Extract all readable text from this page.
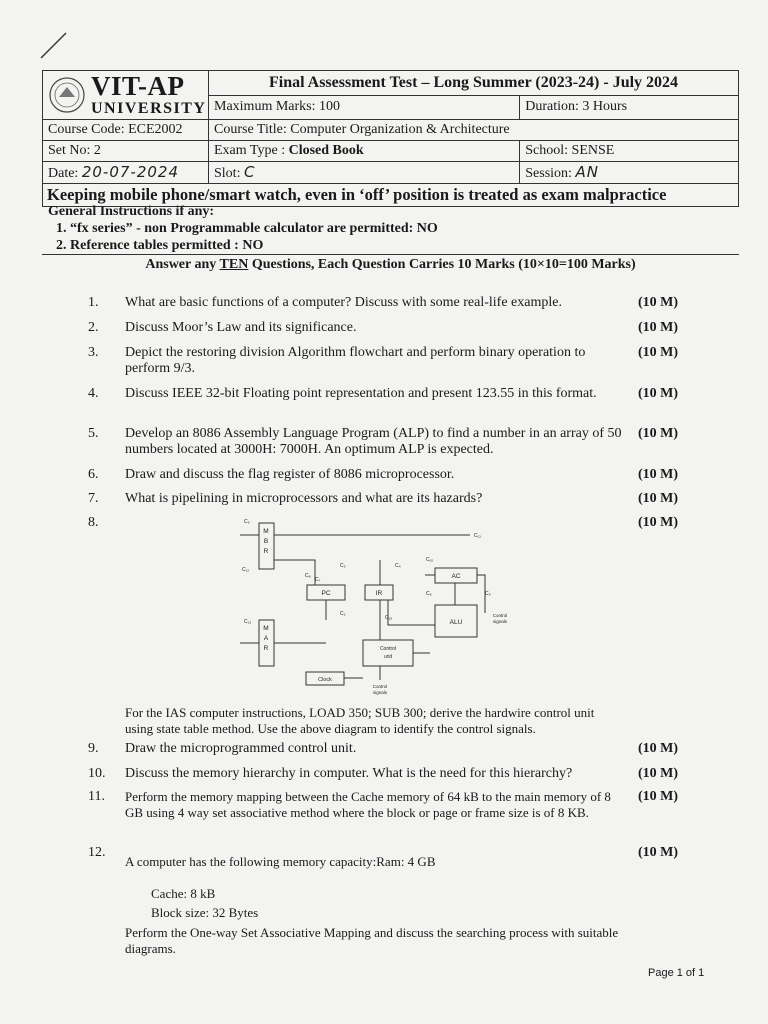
VIT-AP
UNIVERSITY	Final Assessment Test – Long Summer (2023-24) - July 2024	
	Maximum Marks: 100	Duration: 3 Hours
Course Code: ECE2002	Course Title: Computer Organization & Architecture	
Set No: 2	Exam Type : Closed Book	School: SENSE
Date: 20-07-2024	Slot: C	Session: AN
Keeping mobile phone/smart watch, even in ‘off’ position is treated as exam malpractice		
General Instructions if any:
1. “fx series” - non Programmable calculator are permitted: NO
2. Reference tables permitted : NO
Answer any TEN Questions, Each Question Carries 10 Marks (10×10=100 Marks)
1.	What are basic functions of a computer? Discuss with some real-life example.	(10 M)
2.	Discuss Moor’s Law and its significance.	(10 M)
3.	Depict the restoring division Algorithm flowchart and perform binary operation to perform 9/3.
(10 M)
4.	Discuss IEEE 32-bit Floating point representation and present 123.55 in this format.	(10 M)
5.	Develop an 8086 Assembly Language Program (ALP) to find a number in an array of 50 numbers located at 3000H: 7000H. An optimum ALP is expected.
(10 M)
6.	Draw and discuss the flag register of 8086 microprocessor.	(10 M)
7.	What is pipelining in microprocessors and what are its hazards?	(10 M)
8.	(10 M)
M
B
R
M
A
R
PC	IR
AC
ALU
Control
unit
Clock
Control
signals
Control
signals
C₅
C₁₁
C₁₂
C₃
C₈
C₇
C₄
C₁₀
C₆	C₉
C₂
C₁₃
C₁₅
For the IAS computer instructions, LOAD 350; SUB 300; derive the hardwire control unit using state table method. Use the above diagram to identify the control signals.
9.	Draw the microprogrammed control unit.	(10 M)
10.	Discuss the memory hierarchy in computer. What is the need for this hierarchy?	(10 M)
11.	Perform the memory mapping between the Cache memory of 64 kB to the main memory of 8 GB using 4 way set associative method where the block or page or frame size is of 8 KB.
(10 M)
12.	(10 M)
A computer has the following memory capacity:Ram: 4 GB
Cache: 8 kB
Block size: 32 Bytes
Perform the One-way Set Associative Mapping and discuss the searching process with suitable diagrams.
Page 1 of 1
